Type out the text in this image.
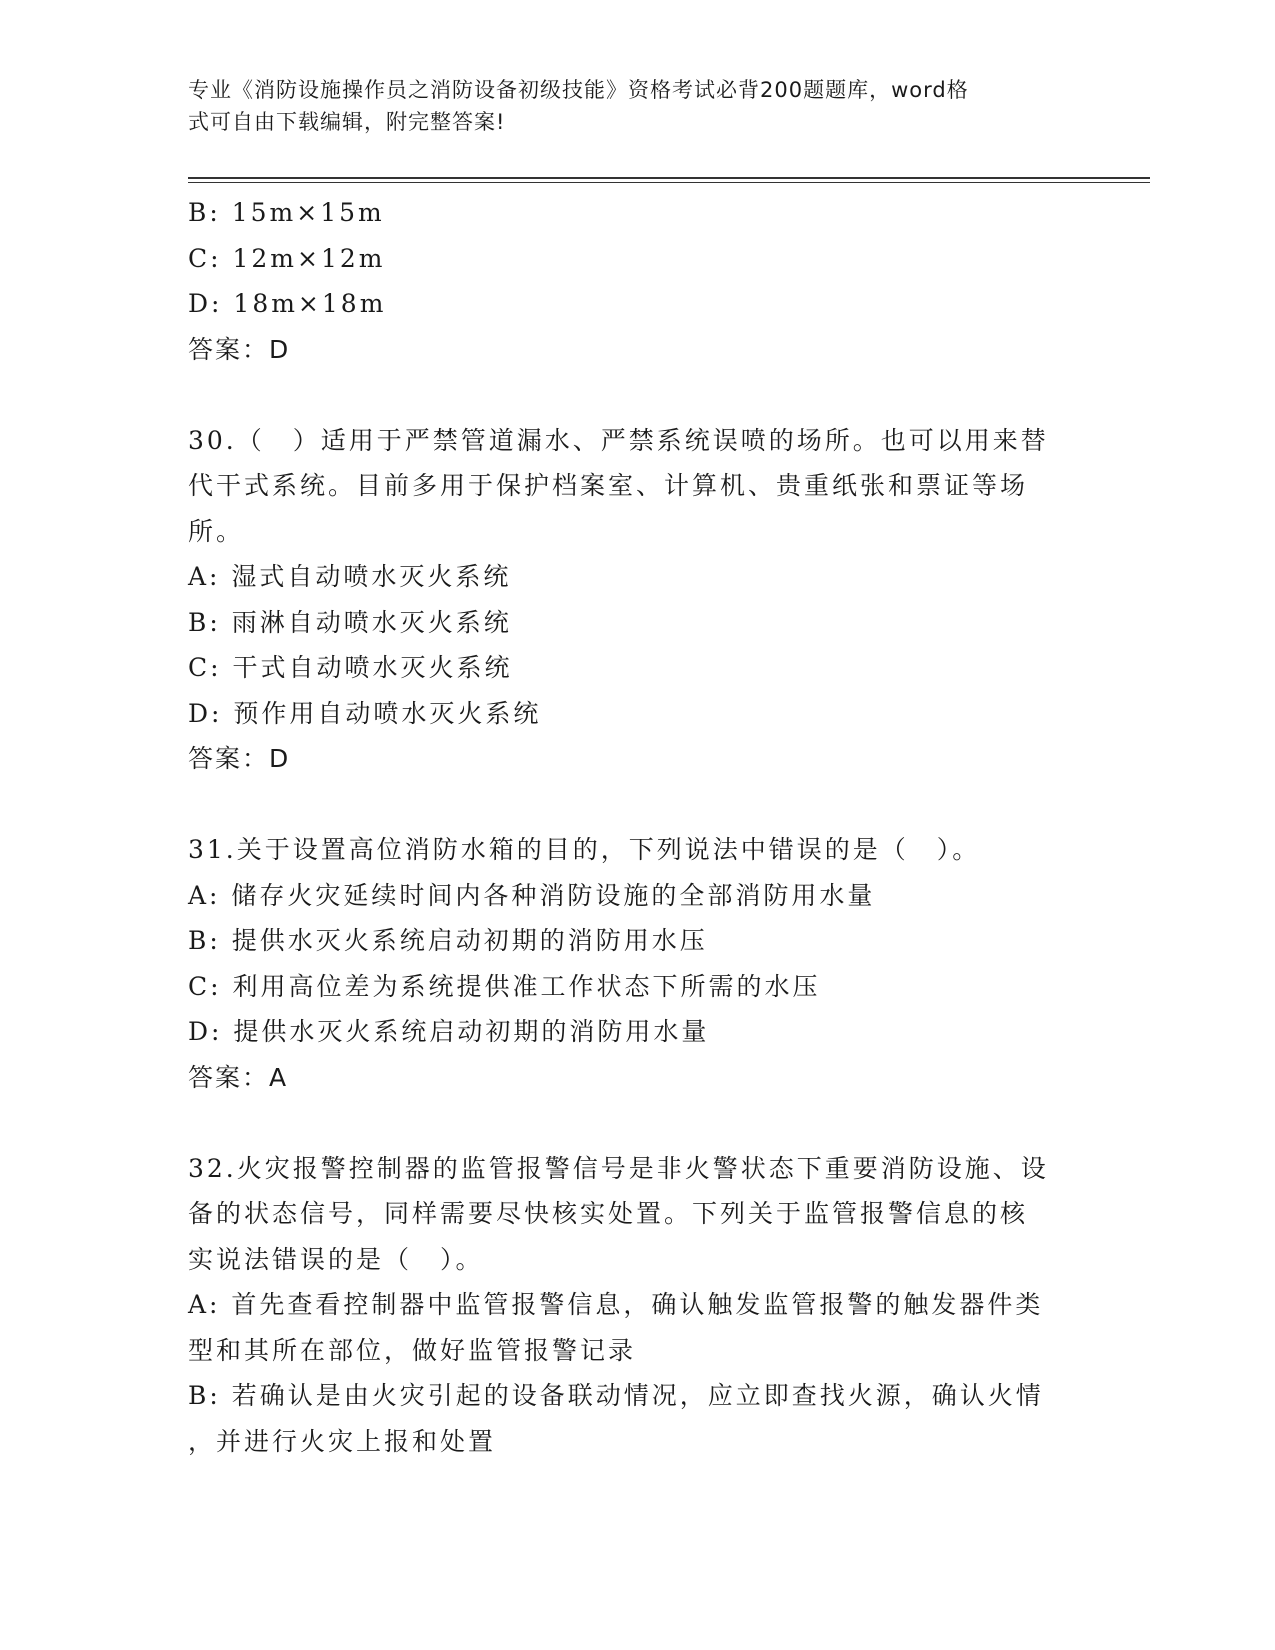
专业《消防设施操作员之消防设备初级技能》资格考试必背200题题库，word格
式可自由下载编辑，附完整答案!
B: 15m×15m
C: 12m×12m
D: 18m×18m
答案：D
30.（　）适用于严禁管道漏水、严禁系统误喷的场所。也可以用来替
代干式系统。目前多用于保护档案室、计算机、贵重纸张和票证等场
所。
A: 湿式自动喷水灭火系统
B: 雨淋自动喷水灭火系统
C: 干式自动喷水灭火系统
D: 预作用自动喷水灭火系统
答案：D
31.关于设置高位消防水箱的目的，下列说法中错误的是（　）。
A: 储存火灾延续时间内各种消防设施的全部消防用水量
B: 提供水灭火系统启动初期的消防用水压
C: 利用高位差为系统提供准工作状态下所需的水压
D: 提供水灭火系统启动初期的消防用水量
答案：A
32.火灾报警控制器的监管报警信号是非火警状态下重要消防设施、设
备的状态信号，同样需要尽快核实处置。下列关于监管报警信息的核
实说法错误的是（　）。
A: 首先查看控制器中监管报警信息，确认触发监管报警的触发器件类
型和其所在部位，做好监管报警记录
B: 若确认是由火灾引起的设备联动情况，应立即查找火源，确认火情
，并进行火灾上报和处置
